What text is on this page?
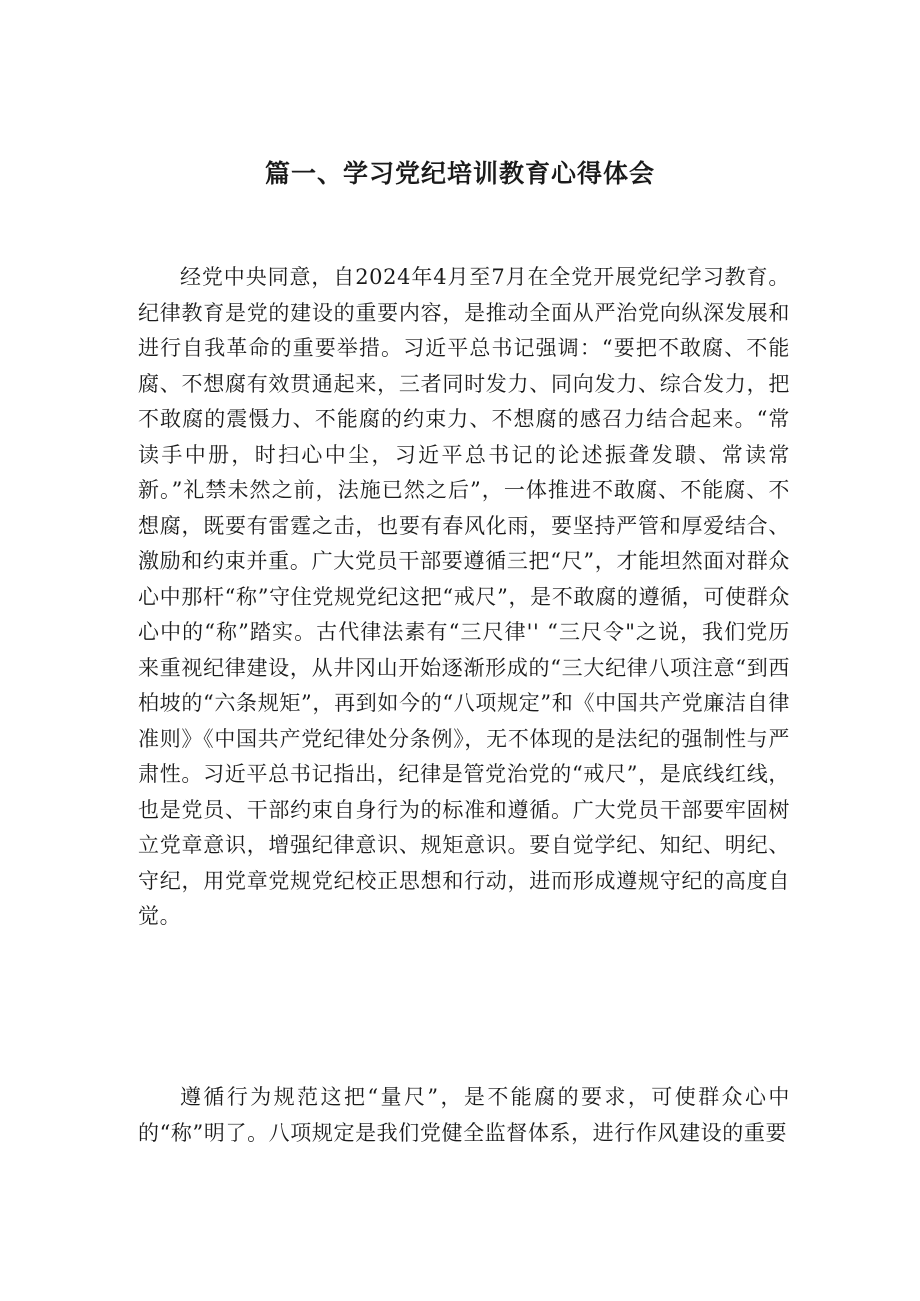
篇一、学习党纪培训教育心得体会

经党中央同意，自2024年4月至7月在全党开展党纪学习教育。纪律教育是党的建设的重要内容，是推动全面从严治党向纵深发展和进行自我革命的重要举措。习近平总书记强调：“要把不敢腐、不能腐、不想腐有效贯通起来，三者同时发力、同向发力、综合发力，把不敢腐的震慑力、不能腐的约束力、不想腐的感召力结合起来。“常读手中册，时扫心中尘，习近平总书记的论述振聋发聩、常读常新。”礼禁未然之前，法施已然之后”，一体推进不敢腐、不能腐、不想腐，既要有雷霆之击，也要有春风化雨，要坚持严管和厚爱结合、激励和约束并重。广大党员干部要遵循三把“尺”，才能坦然面对群众心中那杆“称”守住党规党纪这把“戒尺”，是不敢腐的遵循，可使群众心中的“称”踏实。古代律法素有“三尺律'' “三尺令"之说，我们党历来重视纪律建设，从井冈山开始逐渐形成的“三大纪律八项注意“到西柏坡的“六条规矩”，再到如今的“八项规定”和《中国共产党廉洁自律准则》《中国共产党纪律处分条例》，无不体现的是法纪的强制性与严肃性。习近平总书记指出，纪律是管党治党的“戒尺”，是底线红线，也是党员、干部约束自身行为的标准和遵循。广大党员干部要牢固树立党章意识，增强纪律意识、规矩意识。要自觉学纪、知纪、明纪、守纪，用党章党规党纪校正思想和行动，进而形成遵规守纪的高度自觉。

遵循行为规范这把“量尺”，是不能腐的要求，可使群众心中的“称”明了。八项规定是我们党健全监督体系，进行作风建设的重要
